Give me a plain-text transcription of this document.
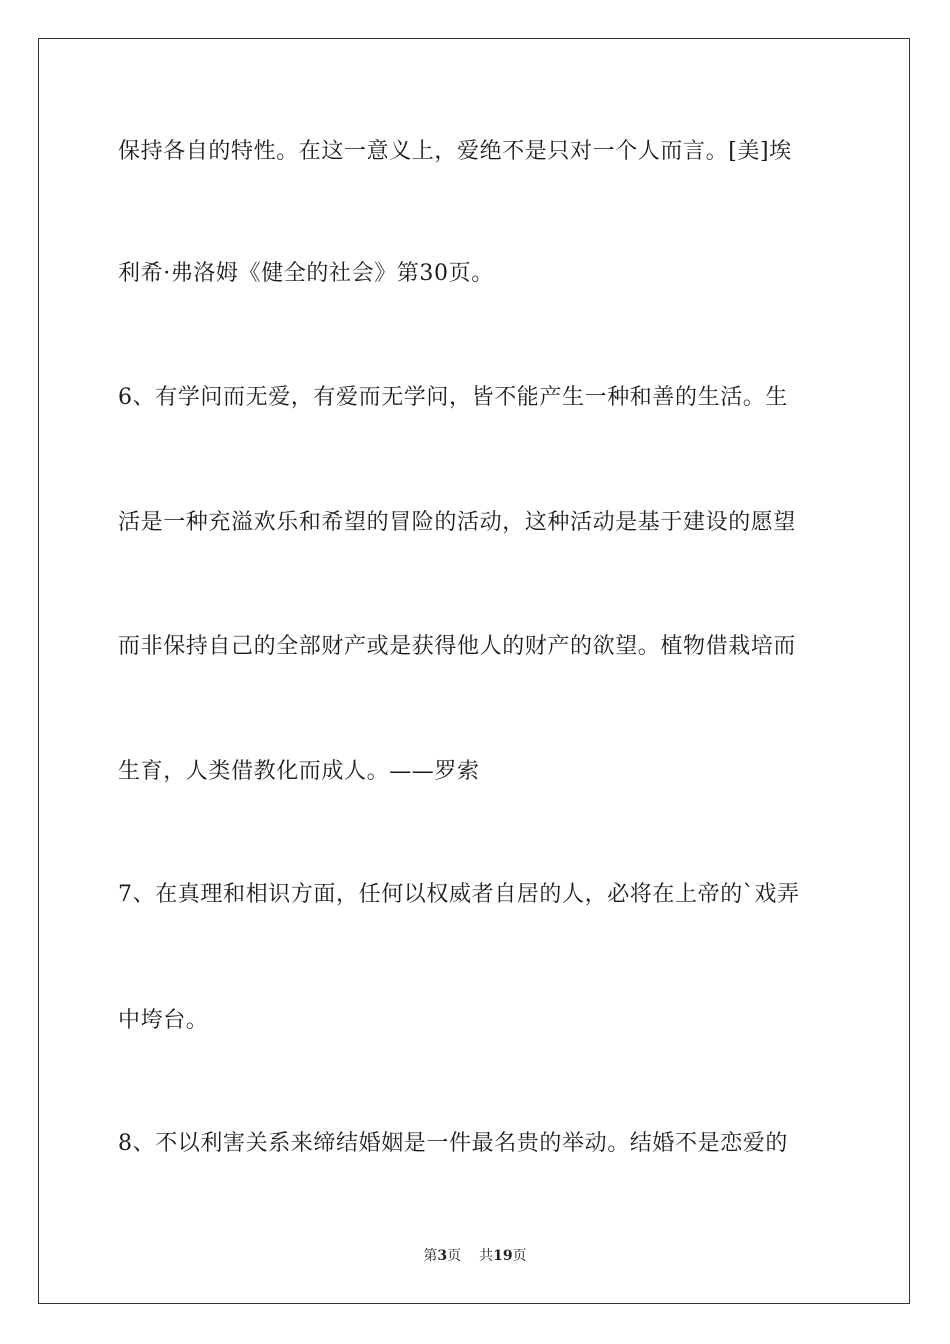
保持各自的特性。在这一意义上，爱绝不是只对一个人而言。[美]埃
利希·弗洛姆《健全的社会》第30页。
6、有学问而无爱，有爱而无学问，皆不能产生一种和善的生活。生
活是一种充溢欢乐和希望的冒险的活动，这种活动是基于建设的愿望
而非保持自己的全部财产或是获得他人的财产的欲望。植物借栽培而
生育，人类借教化而成人。——罗索
7、在真理和相识方面，任何以权威者自居的人，必将在上帝的`戏弄
中垮台。
8、不以利害关系来缔结婚姻是一件最名贵的举动。结婚不是恋爱的
第3页 共19页
